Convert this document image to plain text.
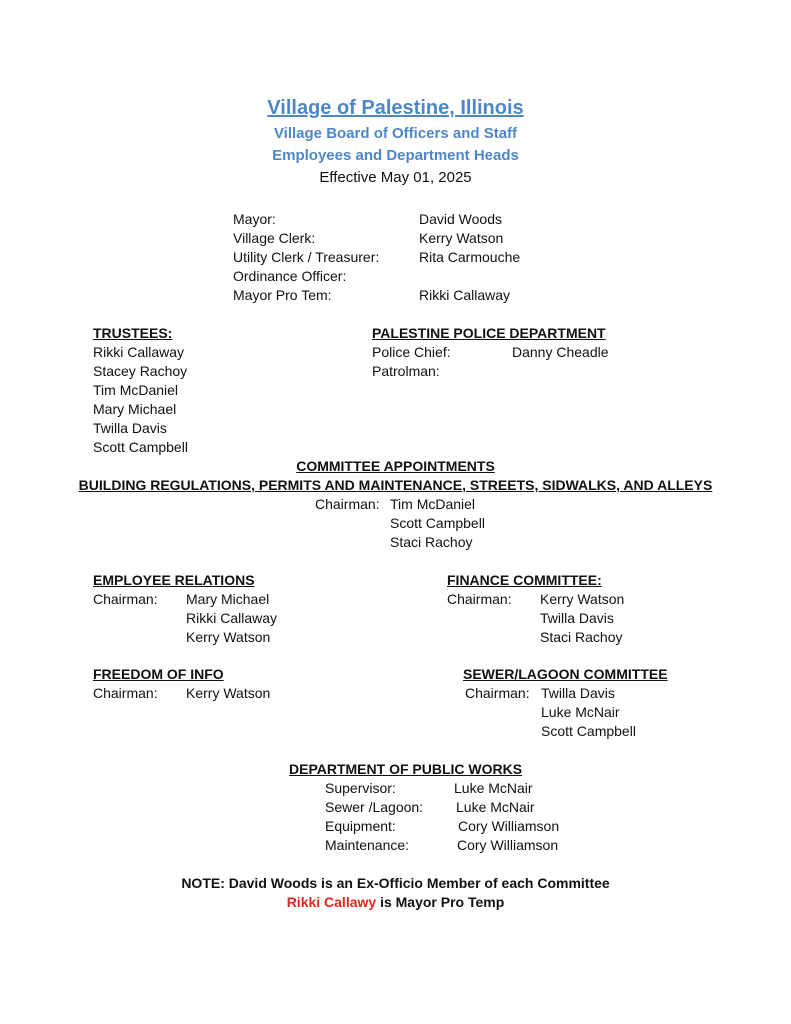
Village of Palestine, Illinois
Village Board of Officers and Staff
Employees and Department Heads
Effective May 01, 2025
Mayor:	David Woods
Village Clerk:	Kerry Watson
Utility Clerk / Treasurer:	Rita Carmouche
Ordinance Officer:
Mayor Pro Tem:	Rikki Callaway
TRUSTEES:
Rikki Callaway
Stacey Rachoy
Tim McDaniel
Mary Michael
Twilla Davis
Scott Campbell
PALESTINE POLICE DEPARTMENT
Police Chief:	Danny Cheadle
Patrolman:
COMMITTEE APPOINTMENTS
BUILDING REGULATIONS, PERMITS AND MAINTENANCE, STREETS, SIDWALKS, AND ALLEYS
Chairman: Tim McDaniel
Scott Campbell
Staci Rachoy
EMPLOYEE RELATIONS
Chairman: Mary Michael
Rikki Callaway
Kerry Watson
FINANCE COMMITTEE:
Chairman: Kerry Watson
Twilla Davis
Staci Rachoy
FREEDOM OF INFO
Chairman: Kerry Watson
SEWER/LAGOON COMMITTEE
Chairman: Twilla Davis
Luke McNair
Scott Campbell
DEPARTMENT OF PUBLIC WORKS
Supervisor:	Luke McNair
Sewer /Lagoon: Luke McNair
Equipment:	Cory Williamson
Maintenance:	Cory Williamson
NOTE: David Woods is an Ex-Officio Member of each Committee
Rikki Callawy is Mayor Pro Temp
